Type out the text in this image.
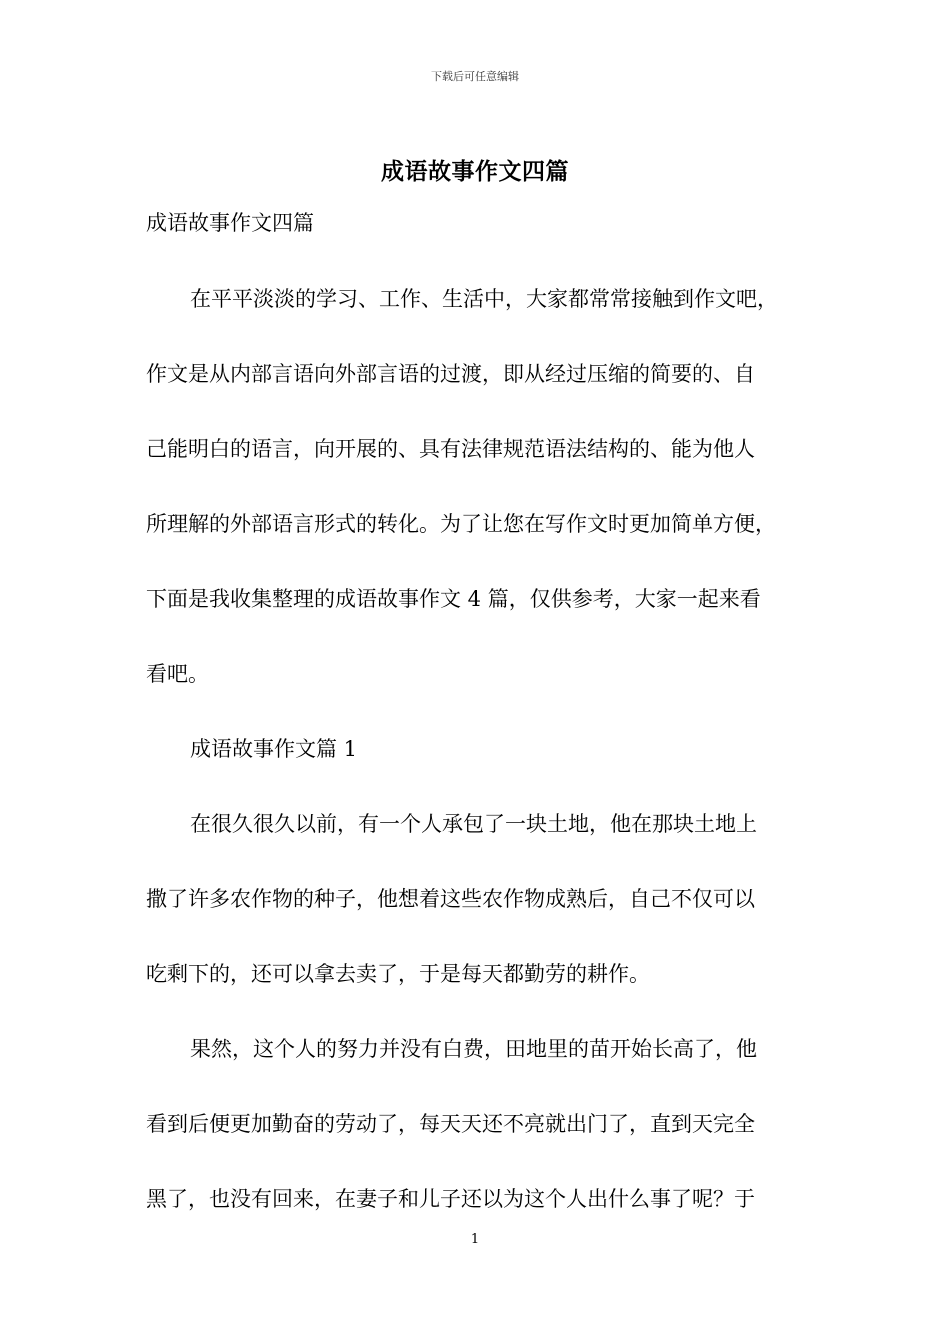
下载后可任意编辑
成语故事作文四篇
成语故事作文四篇
在平平淡淡的学习、工作、生活中，大家都常常接触到作文吧，
作文是从内部言语向外部言语的过渡，即从经过压缩的简要的、自
己能明白的语言，向开展的、具有法律规范语法结构的、能为他人
所理解的外部语言形式的转化。为了让您在写作文时更加简单方便，
下面是我收集整理的成语故事作文 4 篇，仅供参考，大家一起来看
看吧。
成语故事作文篇 1
在很久很久以前，有一个人承包了一块土地，他在那块土地上
撒了许多农作物的种子，他想着这些农作物成熟后，自己不仅可以
吃剩下的，还可以拿去卖了，于是每天都勤劳的耕作。
果然，这个人的努力并没有白费，田地里的苗开始长高了，他
看到后便更加勤奋的劳动了，每天天还不亮就出门了，直到天完全
黑了，也没有回来，在妻子和儿子还以为这个人出什么事了呢？于
1
